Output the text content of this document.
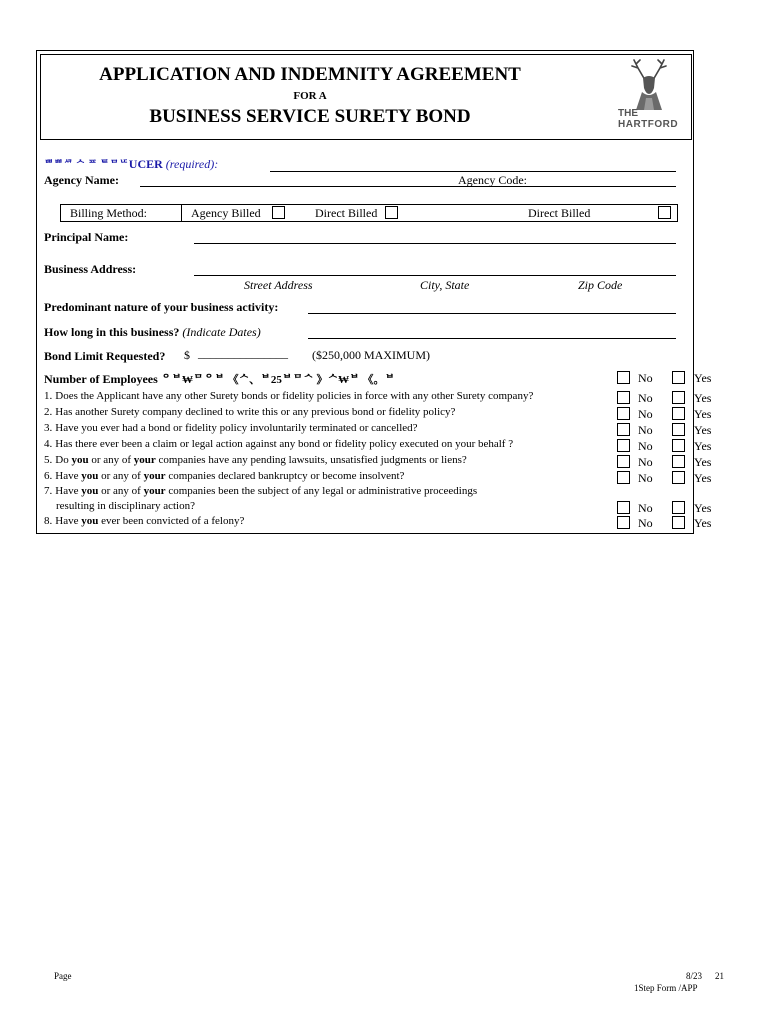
APPLICATION AND INDEMNITY AGREEMENT
FOR A
BUSINESS SERVICE SURETY BOND	THE
HARTFORD
ᄈᄈᄸ ᄉ ᄑ ᄐᄆᄕUCER (required):
Agency Name:	Agency Code:
Billing Method:	Agency Billed	Direct Billed	Direct Billed
Principal Name:
Business Address:
Street Address	City, State	Zip Code
Predominant nature of your business activity:
How long in this business? (Indicate Dates)
Bond Limit Requested? $ _______________ ($250,000 MAXIMUM)
Number of Employees ᄋᄇ₩ᄆᄋᄇ 《ᄉ、ᄇ25ᄇᄆᄾ 》ᄉ₩ᄇ 《。ᄇ	No	Yes
1. Does the Applicant have any other Surety bonds or fidelity policies in force with any other Surety company?	No	Yes
2. Has another Surety company declined to write this or any previous bond or fidelity policy?	No	Yes
3. Have you ever had a bond or fidelity policy involuntarily terminated or cancelled?	No	Yes
4. Has there ever been a claim or legal action against any bond or fidelity policy executed on your behalf ?	No	Yes
5. Do you or any of your companies have any pending lawsuits, unsatisfied judgments or liens?	No	Yes
6. Have you or any of your companies declared bankruptcy or become insolvent?	No	Yes
7. Have you or any of your companies been the subject of any legal or administrative proceedings
resulting in disciplinary action?	No	Yes
8. Have you ever been convicted of a felony?	No	Yes
Page	8/23 21
1Step Form /APP
